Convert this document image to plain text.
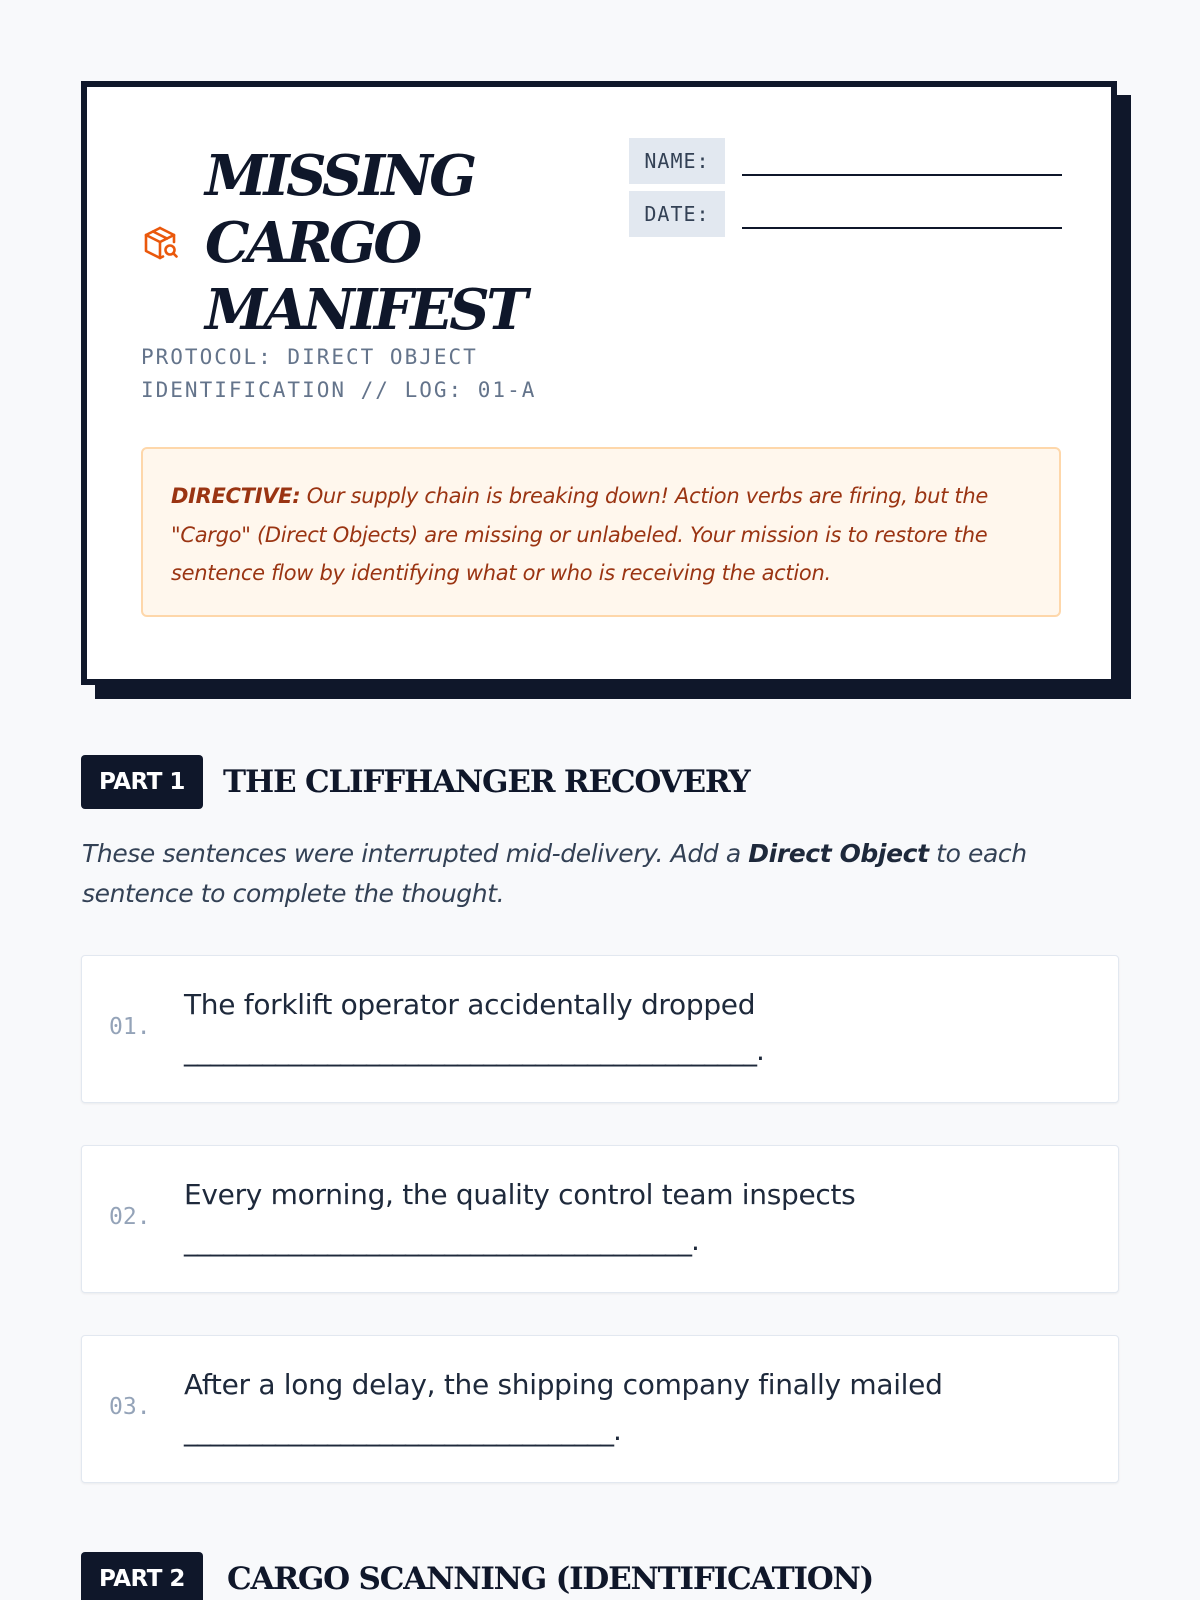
MISSING
CARGO
MANIFEST
PROTOCOL: DIRECT OBJECT
IDENTIFICATION // LOG: 01-A
NAME:
DATE:
DIRECTIVE: Our supply chain is breaking down! Action verbs are firing, but the "Cargo" (Direct Objects) are missing or unlabeled. Your mission is to restore the sentence flow by identifying what or who is receiving the action.
PART 1	THE CLIFFHANGER RECOVERY

These sentences were interrupted mid-delivery. Add a Direct Object to each sentence to complete the thought.

01.
The forklift operator accidentally dropped
____________________________________________.
02.
Every morning, the quality control team inspects
_______________________________________.
03.
After a long delay, the shipping company finally mailed
_________________________________.
PART 2	CARGO SCANNING (IDENTIFICATION)
